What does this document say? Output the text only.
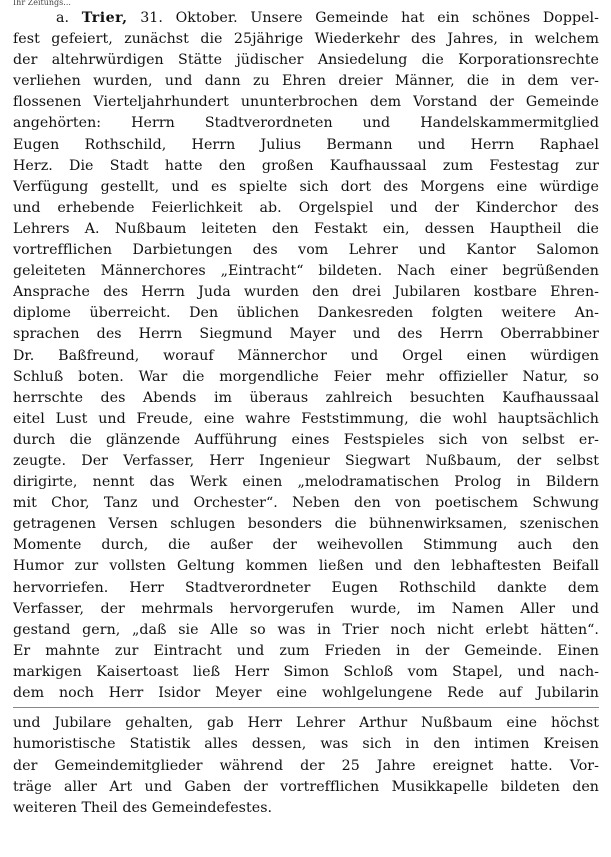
Ihr Zeitungs...
a. Trier, 31. Oktober. Unsere Gemeinde hat ein schönes Doppel-
fest gefeiert, zunächst die 25jährige Wiederkehr des Jahres, in welchem
der altehrwürdigen Stätte jüdischer Ansiedelung die Korporationsrechte
verliehen wurden, und dann zu Ehren dreier Männer, die in dem ver-
flossenen Vierteljahrhundert ununterbrochen dem Vorstand der Gemeinde
angehörten: Herrn Stadtverordneten und Handelskammermitglied
Eugen Rothschild, Herrn Julius Bermann und Herrn Raphael
Herz. Die Stadt hatte den großen Kaufhaussaal zum Festestag zur
Verfügung gestellt, und es spielte sich dort des Morgens eine würdige
und erhebende Feierlichkeit ab. Orgelspiel und der Kinderchor des
Lehrers A. Nußbaum leiteten den Festakt ein, dessen Hauptheil die
vortrefflichen Darbietungen des vom Lehrer und Kantor Salomon
geleiteten Männerchores „Eintracht“ bildeten. Nach einer begrüßenden
Ansprache des Herrn Juda wurden den drei Jubilaren kostbare Ehren-
diplome überreicht. Den üblichen Dankesreden folgten weitere An-
sprachen des Herrn Siegmund Mayer und des Herrn Oberrabbiner
Dr. Baßfreund, worauf Männerchor und Orgel einen würdigen
Schluß boten. War die morgendliche Feier mehr offizieller Natur, so
herrschte des Abends im überaus zahlreich besuchten Kaufhaussaal
eitel Lust und Freude, eine wahre Feststimmung, die wohl hauptsächlich
durch die glänzende Aufführung eines Festspieles sich von selbst er-
zeugte. Der Verfasser, Herr Ingenieur Siegwart Nußbaum, der selbst
dirigirte, nennt das Werk einen „melodramatischen Prolog in Bildern
mit Chor, Tanz und Orchester“. Neben den von poetischem Schwung
getragenen Versen schlugen besonders die bühnenwirksamen, szenischen
Momente durch, die außer der weihevollen Stimmung auch den
Humor zur vollsten Geltung kommen ließen und den lebhaftesten Beifall
hervorriefen. Herr Stadtverordneter Eugen Rothschild dankte dem
Verfasser, der mehrmals hervorgerufen wurde, im Namen Aller und
gestand gern, „daß sie Alle so was in Trier noch nicht erlebt hätten“.
Er mahnte zur Eintracht und zum Frieden in der Gemeinde. Einen
markigen Kaisertoast ließ Herr Simon Schloß vom Stapel, und nach-
dem noch Herr Isidor Meyer eine wohlgelungene Rede auf Jubilarin
und Jubilare gehalten, gab Herr Lehrer Arthur Nußbaum eine höchst
humoristische Statistik alles dessen, was sich in den intimen Kreisen
der Gemeindemitglieder während der 25 Jahre ereignet hatte. Vor-
träge aller Art und Gaben der vortrefflichen Musikkapelle bildeten den
weiteren Theil des Gemeindefestes.
